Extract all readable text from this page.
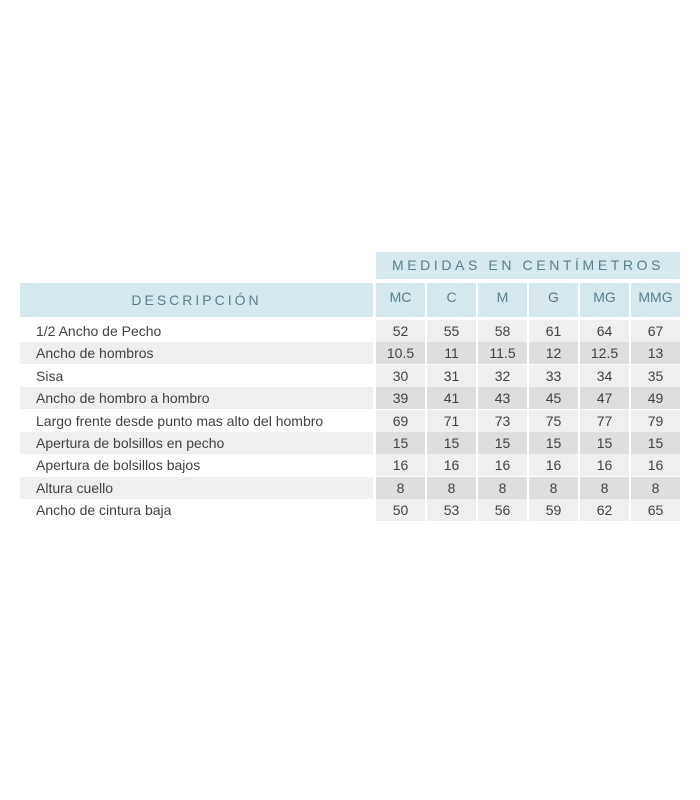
MEDIDAS EN CENTÍMETROS
DESCRIPCIÓN	MC	C	M	G	MG	MMG
1/2 Ancho de Pecho	52	55	58	61	64	67
Ancho de hombros	10.5	11	11.5	12	12.5	13
Sisa	30	31	32	33	34	35
Ancho de hombro a hombro	39	41	43	45	47	49
Largo frente desde punto mas alto del hombro	69	71	73	75	77	79
Apertura de bolsillos en pecho	15	15	15	15	15	15
Apertura de bolsillos bajos	16	16	16	16	16	16
Altura cuello	8	8	8	8	8	8
Ancho de cintura baja	50	53	56	59	62	65
